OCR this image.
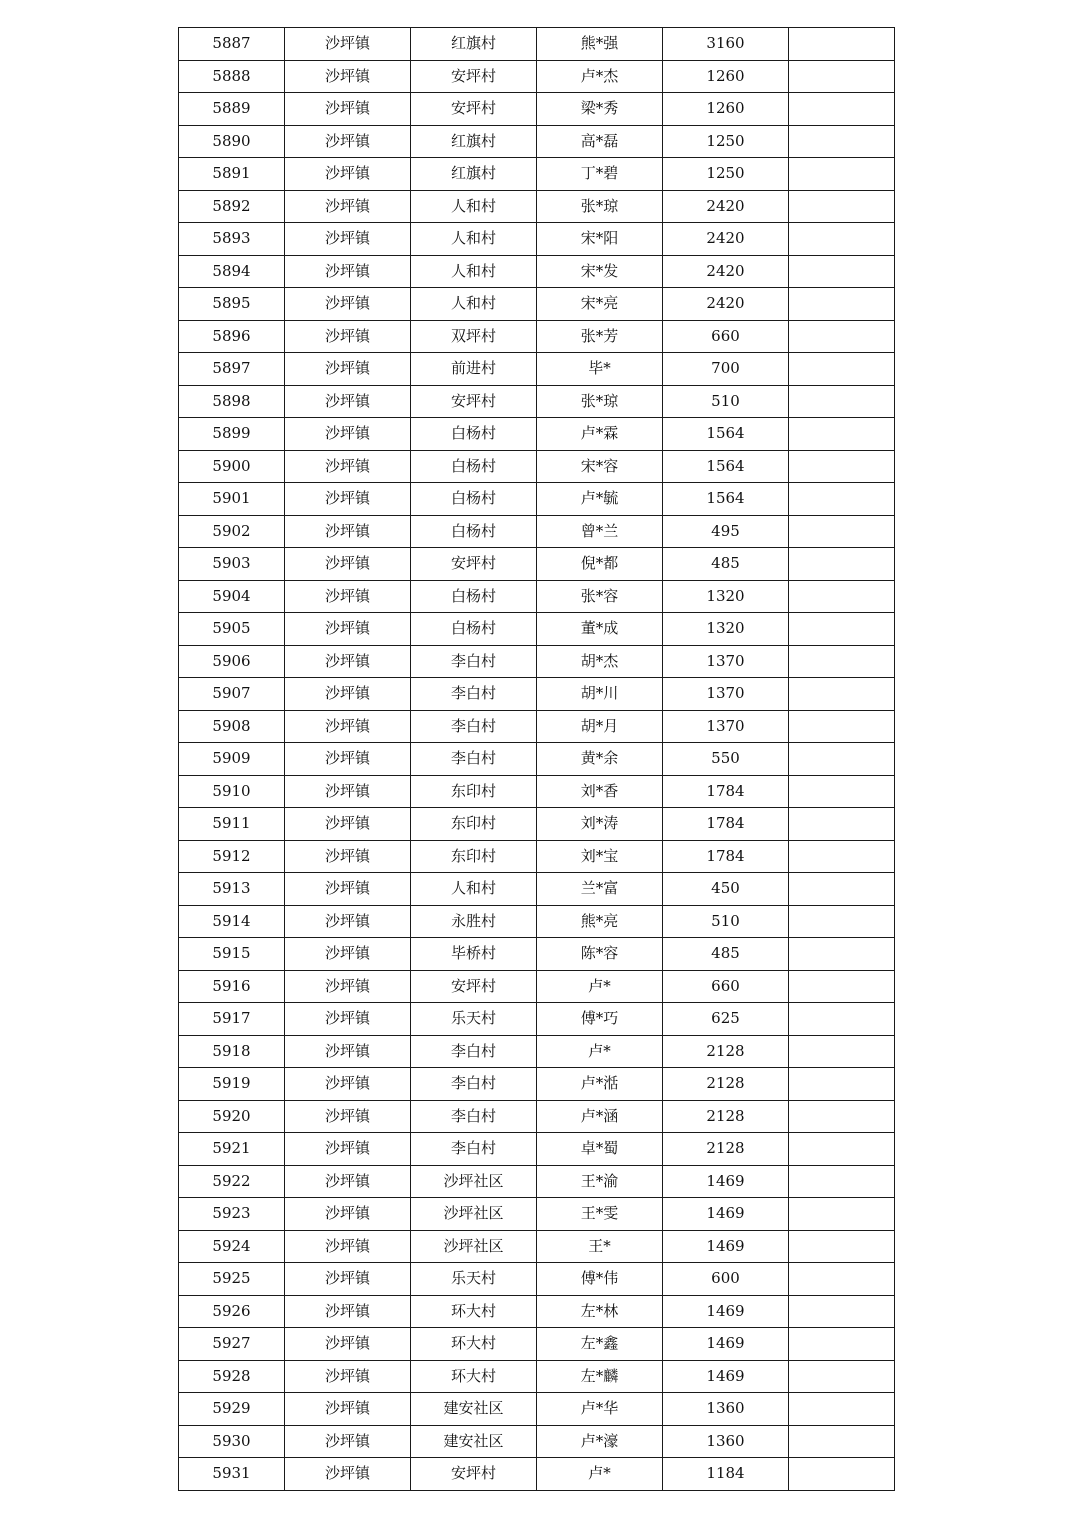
5887	沙坪镇	红旗村	熊*强	3160	
5888	沙坪镇	安坪村	卢*杰	1260	
5889	沙坪镇	安坪村	梁*秀	1260	
5890	沙坪镇	红旗村	高*磊	1250	
5891	沙坪镇	红旗村	丁*碧	1250	
5892	沙坪镇	人和村	张*琼	2420	
5893	沙坪镇	人和村	宋*阳	2420	
5894	沙坪镇	人和村	宋*发	2420	
5895	沙坪镇	人和村	宋*亮	2420	
5896	沙坪镇	双坪村	张*芳	660	
5897	沙坪镇	前进村	毕*	700	
5898	沙坪镇	安坪村	张*琼	510	
5899	沙坪镇	白杨村	卢*霖	1564	
5900	沙坪镇	白杨村	宋*容	1564	
5901	沙坪镇	白杨村	卢*毓	1564	
5902	沙坪镇	白杨村	曾*兰	495	
5903	沙坪镇	安坪村	倪*都	485	
5904	沙坪镇	白杨村	张*容	1320	
5905	沙坪镇	白杨村	董*成	1320	
5906	沙坪镇	李白村	胡*杰	1370	
5907	沙坪镇	李白村	胡*川	1370	
5908	沙坪镇	李白村	胡*月	1370	
5909	沙坪镇	李白村	黄*余	550	
5910	沙坪镇	东印村	刘*香	1784	
5911	沙坪镇	东印村	刘*涛	1784	
5912	沙坪镇	东印村	刘*宝	1784	
5913	沙坪镇	人和村	兰*富	450	
5914	沙坪镇	永胜村	熊*亮	510	
5915	沙坪镇	毕桥村	陈*容	485	
5916	沙坪镇	安坪村	卢*	660	
5917	沙坪镇	乐天村	傅*巧	625	
5918	沙坪镇	李白村	卢*	2128	
5919	沙坪镇	李白村	卢*湉	2128	
5920	沙坪镇	李白村	卢*涵	2128	
5921	沙坪镇	李白村	卓*蜀	2128	
5922	沙坪镇	沙坪社区	王*渝	1469	
5923	沙坪镇	沙坪社区	王*雯	1469	
5924	沙坪镇	沙坪社区	王*	1469	
5925	沙坪镇	乐天村	傅*伟	600	
5926	沙坪镇	环大村	左*林	1469	
5927	沙坪镇	环大村	左*鑫	1469	
5928	沙坪镇	环大村	左*麟	1469	
5929	沙坪镇	建安社区	卢*华	1360	
5930	沙坪镇	建安社区	卢*濠	1360	
5931	沙坪镇	安坪村	卢*	1184	
